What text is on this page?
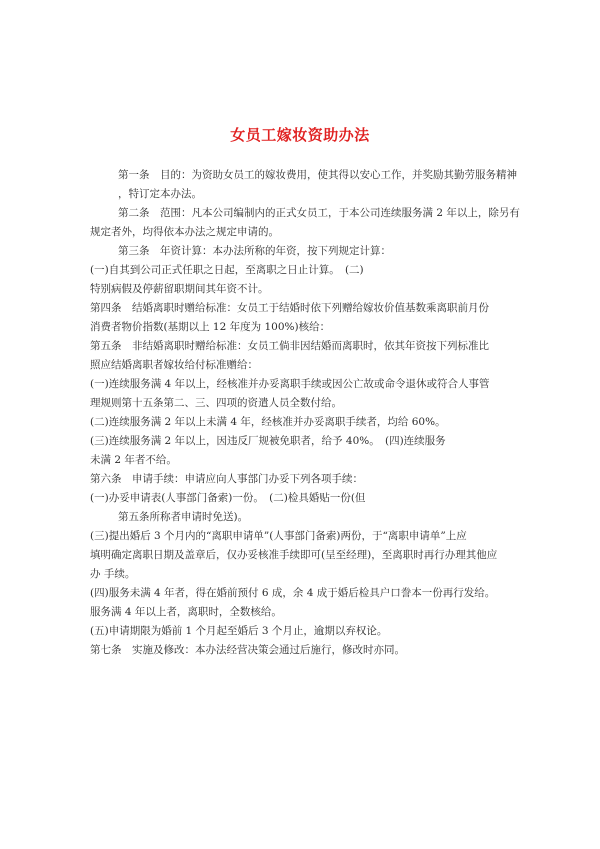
女员工嫁妆资助办法
第一条　目的：为资助女员工的嫁妆费用，使其得以安心工作，并奖励其勤劳服务精神
，特订定本办法。
第二条　范围：凡本公司编制内的正式女员工，于本公司连续服务满 2 年以上，除另有
规定者外，均得依本办法之规定申请的。
第三条　年资计算：本办法所称的年资，按下列规定计算：
(一)自其到公司正式任职之日起，至离职之日止计算。　(二)
特别病假及停薪留职期间其年资不计。
第四条　结婚离职时赠给标准：女员工于结婚时依下列赠给嫁妆价值基数乘离职前月份
消费者物价指数(基期以上 12 年度为 100%)核给：
第五条　非结婚离职时赠给标准：女员工倘非因结婚而离职时，依其年资按下列标准比
照应结婚离职者嫁妆给付标准赠给：
(一)连续服务满 4 年以上，经核准并办妥离职手续或因公亡故或命令退休或符合人事管
理规则第十五条第二、三、四项的资遣人员全数付给。
(二)连续服务满 2 年以上未满 4 年，经核准并办妥离职手续者，均给 60%。
(三)连续服务满 2 年以上，因违反厂规被免职者，给予 40%。　(四)连续服务
未满 2 年者不给。
第六条　申请手续：申请应向人事部门办妥下列各项手续：
(一)办妥申请表(人事部门备索)一份。　(二)检具婚贴一份(但
第五条所称者申请时免送)。
(三)提出婚后 3 个月内的“离职申请单”(人事部门备索)两份，于“离职申请单”上应
填明确定离职日期及盖章后，仅办妥核准手续即可(呈至经理)，至离职时再行办理其他应
办 手续。
(四)服务未满 4 年者，得在婚前预付 6 成，余 4 成于婚后检具户口誊本一份再行发给。
服务满 4 年以上者，离职时，全数核给。
(五)申请期限为婚前 1 个月起至婚后 3 个月止，逾期以弃权论。
第七条　实施及修改：本办法经营决策会通过后施行，修改时亦同。
